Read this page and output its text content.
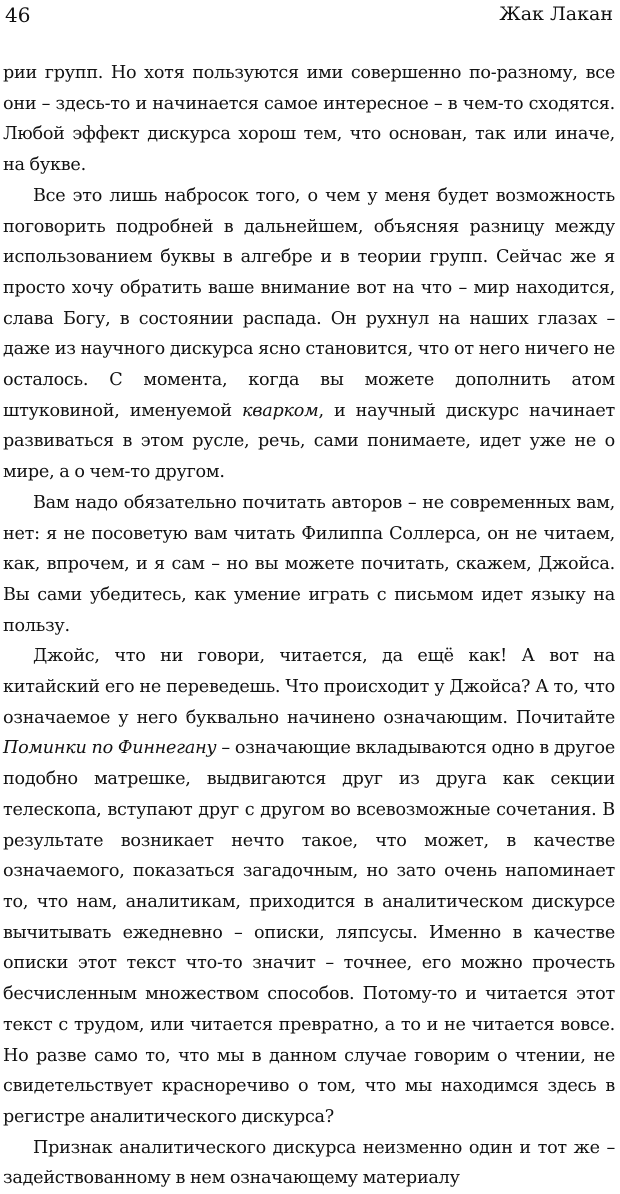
46	Жак Лакан

рии групп. Но хотя пользуются ими совершенно по-разному, все они – здесь-то и начинается самое интересное – в чем-то сходятся. Любой эффект дискурса хорош тем, что основан, так или иначе, на букве.

Все это лишь набросок того, о чем у меня будет возможность поговорить подробней в дальнейшем, объясняя разницу между использованием буквы в алгебре и в теории групп. Сейчас же я просто хочу обратить ваше внимание вот на что – мир находится, слава Богу, в состоянии распада. Он рухнул на наших глазах – даже из научного дискурса ясно становится, что от него ничего не осталось. С момента, когда вы можете дополнить атом штуковиной, именуемой кварком, и научный дискурс начинает развиваться в этом русле, речь, сами понимаете, идет уже не о мире, а о чем-то другом.

Вам надо обязательно почитать авторов – не современных вам, нет: я не посоветую вам читать Филиппа Соллерса, он не читаем, как, впрочем, и я сам – но вы можете почитать, скажем, Джойса. Вы сами убедитесь, как умение играть с письмом идет языку на пользу.

Джойс, что ни говори, читается, да ещё как! А вот на китайский его не переведешь. Что происходит у Джойса? А то, что означаемое у него буквально начинено означающим. Почитайте Поминки по Финнегану – означающие вкладываются одно в другое подобно матрешке, выдвигаются друг из друга как секции телескопа, вступают друг с другом во всевозможные сочетания. В результате возникает нечто такое, что может, в качестве означаемого, показаться загадочным, но зато очень напоминает то, что нам, аналитикам, приходится в аналитическом дискурсе вычитывать ежедневно – описки, ляпсусы. Именно в качестве описки этот текст что-то значит – точнее, его можно прочесть бесчисленным множеством способов. Потому-то и читается этот текст с трудом, или читается превратно, а то и не читается вовсе. Но разве само то, что мы в данном случае говорим о чтении, не свидетельствует красноречиво о том, что мы находимся здесь в регистре аналитического дискурса?

Признак аналитического дискурса неизменно один и тот же – задействованному в нем означающему материалу
